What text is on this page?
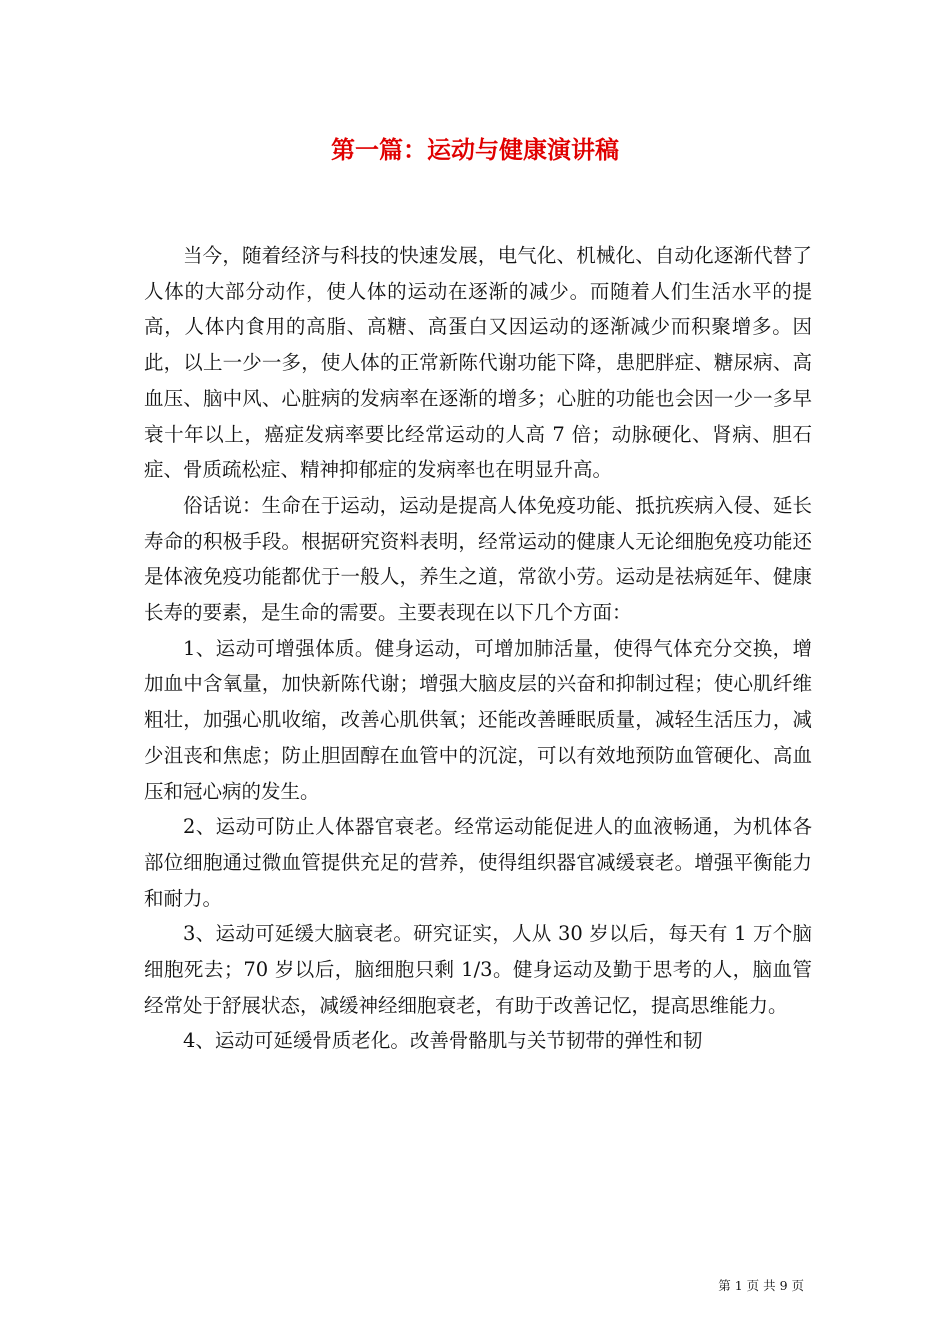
第一篇：运动与健康演讲稿

当今，随着经济与科技的快速发展，电气化、机械化、自动化逐渐代替了人体的大部分动作，使人体的运动在逐渐的减少。而随着人们生活水平的提高，人体内食用的高脂、高糖、高蛋白又因运动的逐渐减少而积聚增多。因此，以上一少一多，使人体的正常新陈代谢功能下降，患肥胖症、糖尿病、高血压、脑中风、心脏病的发病率在逐渐的增多；心脏的功能也会因一少一多早衰十年以上，癌症发病率要比经常运动的人高 7 倍；动脉硬化、肾病、胆石症、骨质疏松症、精神抑郁症的发病率也在明显升高。

俗话说：生命在于运动，运动是提高人体免疫功能、抵抗疾病入侵、延长寿命的积极手段。根据研究资料表明，经常运动的健康人无论细胞免疫功能还是体液免疫功能都优于一般人，养生之道，常欲小劳。运动是祛病延年、健康长寿的要素，是生命的需要。主要表现在以下几个方面：

1、运动可增强体质。健身运动，可增加肺活量，使得气体充分交换，增加血中含氧量，加快新陈代谢；增强大脑皮层的兴奋和抑制过程；使心肌纤维粗壮，加强心肌收缩，改善心肌供氧；还能改善睡眠质量，减轻生活压力，减少沮丧和焦虑；防止胆固醇在血管中的沉淀，可以有效地预防血管硬化、高血压和冠心病的发生。

2、运动可防止人体器官衰老。经常运动能促进人的血液畅通，为机体各部位细胞通过微血管提供充足的营养，使得组织器官减缓衰老。增强平衡能力和耐力。

3、运动可延缓大脑衰老。研究证实，人从 30 岁以后，每天有 1 万个脑细胞死去；70 岁以后，脑细胞只剩 1/3。健身运动及勤于思考的人，脑血管经常处于舒展状态，减缓神经细胞衰老，有助于改善记忆，提高思维能力。

4、运动可延缓骨质老化。改善骨骼肌与关节韧带的弹性和韧

第 1 页 共 9 页
